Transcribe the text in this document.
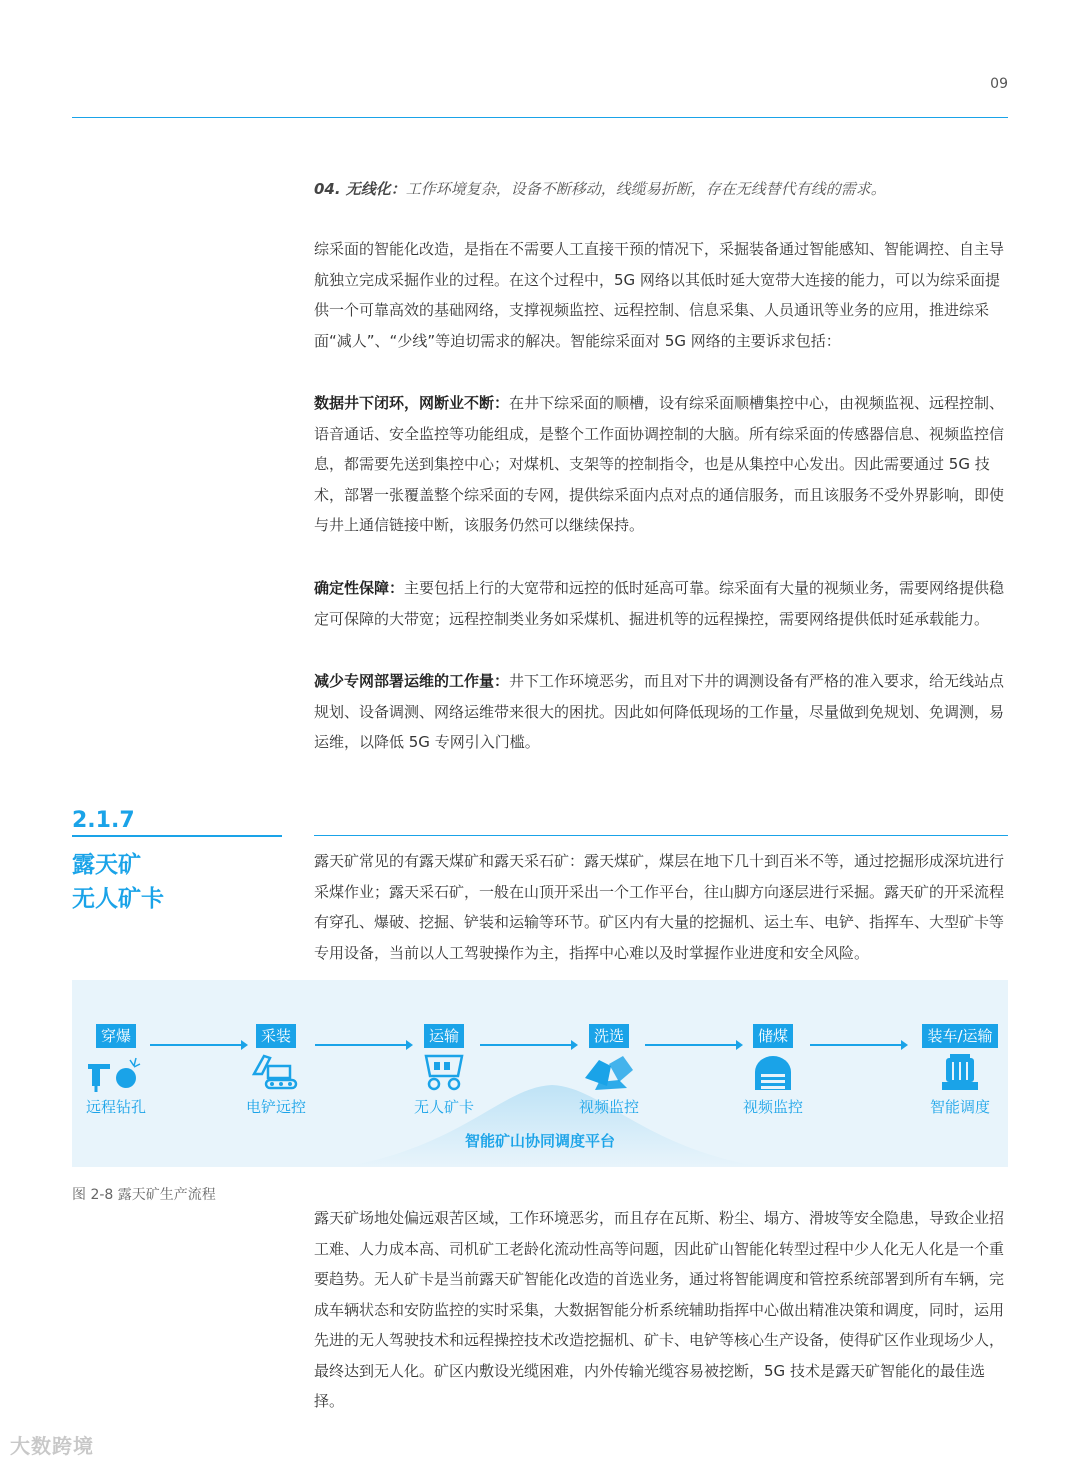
09

04. 无线化：工作环境复杂，设备不断移动，线缆易折断，存在无线替代有线的需求。

综采面的智能化改造，是指在不需要人工直接干预的情况下，采掘装备通过智能感知、智能调控、自主导航独立完成采掘作业的过程。在这个过程中，5G 网络以其低时延大宽带大连接的能力，可以为综采面提供一个可靠高效的基础网络，支撑视频监控、远程控制、信息采集、人员通讯等业务的应用，推进综采面“减人”、“少线”等迫切需求的解决。智能综采面对 5G 网络的主要诉求包括：

数据井下闭环，网断业不断：在井下综采面的顺槽，设有综采面顺槽集控中心，由视频监视、远程控制、语音通话、安全监控等功能组成，是整个工作面协调控制的大脑。所有综采面的传感器信息、视频监控信息，都需要先送到集控中心；对煤机、支架等的控制指令，也是从集控中心发出。因此需要通过 5G 技术，部署一张覆盖整个综采面的专网，提供综采面内点对点的通信服务，而且该服务不受外界影响，即使与井上通信链接中断，该服务仍然可以继续保持。

确定性保障：主要包括上行的大宽带和远控的低时延高可靠。综采面有大量的视频业务，需要网络提供稳定可保障的大带宽；远程控制类业务如采煤机、掘进机等的远程操控，需要网络提供低时延承载能力。

减少专网部署运维的工作量：井下工作环境恶劣，而且对下井的调测设备有严格的准入要求，给无线站点规划、设备调测、网络运维带来很大的困扰。因此如何降低现场的工作量，尽量做到免规划、免调测，易运维，以降低 5G 专网引入门槛。

2.1.7
露天矿
无人矿卡

露天矿常见的有露天煤矿和露天采石矿：露天煤矿，煤层在地下几十到百米不等，通过挖掘形成深坑进行采煤作业；露天采石矿，一般在山顶开采出一个工作平台，往山脚方向逐层进行采掘。露天矿的开采流程有穿孔、爆破、挖掘、铲装和运输等环节。矿区内有大量的挖掘机、运土车、电铲、指挥车、大型矿卡等专用设备，当前以人工驾驶操作为主，指挥中心难以及时掌握作业进度和安全风险。

穿爆
远程钻孔
采装
电铲远控
运输
无人矿卡
洗选
视频监控
储煤
视频监控
装车/运输
智能调度
智能矿山协同调度平台
图 2-8 露天矿生产流程

露天矿场地处偏远艰苦区域，工作环境恶劣，而且存在瓦斯、粉尘、塌方、滑坡等安全隐患，导致企业招工难、人力成本高、司机矿工老龄化流动性高等问题，因此矿山智能化转型过程中少人化无人化是一个重要趋势。无人矿卡是当前露天矿智能化改造的首选业务，通过将智能调度和管控系统部署到所有车辆，完成车辆状态和安防监控的实时采集，大数据智能分析系统辅助指挥中心做出精准决策和调度，同时，运用先进的无人驾驶技术和远程操控技术改造挖掘机、矿卡、电铲等核心生产设备，使得矿区作业现场少人，最终达到无人化。矿区内敷设光缆困难，内外传输光缆容易被挖断，5G 技术是露天矿智能化的最佳选择。

大数跨境
